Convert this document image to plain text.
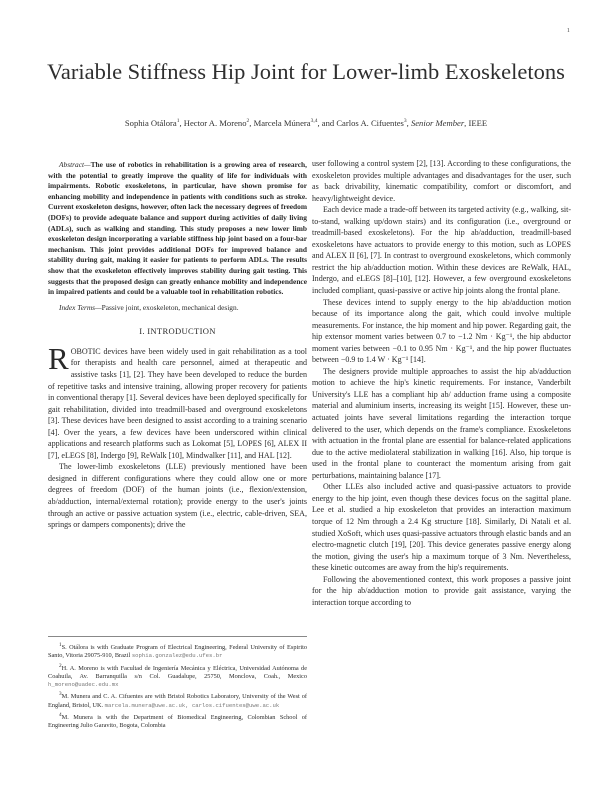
1
Variable Stiffness Hip Joint for Lower-limb Exoskeletons
Sophia Otálora$^1$, Hector A. Moreno$^2$, Marcela Múnera$^{3,4}$, and Carlos A. Cifuentes$^3$, Senior Member, IEEE

Abstract—The use of robotics in rehabilitation is a growing area of research, with the potential to greatly improve the quality of life for individuals with impairments. Robotic exoskeletons, in particular, have shown promise for enhancing mobility and independence in patients with conditions such as stroke. Current exoskeleton designs, however, often lack the necessary degrees of freedom (DOFs) to provide adequate balance and support during activities of daily living (ADLs), such as walking and standing. This study proposes a new lower limb exoskeleton design incorporating a variable stiffness hip joint based on a four-bar mechanism. This joint provides additional DOFs for improved balance and stability during gait, making it easier for patients to perform ADLs. The results show that the exoskeleton effectively improves stability during gait testing. This suggests that the proposed design can greatly enhance mobility and independence in impaired patients and could be a valuable tool in rehabilitation robotics.

Index Terms—Passive joint, exoskeleton, mechanical design.

I. INTRODUCTION

ROBOTIC devices have been widely used in gait rehabilitation as a tool for therapists and health care personnel, aimed at therapeutic and assistive tasks [1], [2]. They have been developed to reduce the burden of repetitive tasks and intensive training, allowing proper recovery for patients in conventional therapy [1]. Several devices have been deployed specifically for gait rehabilitation, divided into treadmill-based and overground exoskeletons [3]. These devices have been designed to assist according to a training scenario [4]. Over the years, a few devices have been underscored within clinical applications and research platforms such as Lokomat [5], LOPES [6], ALEX II [7], eLEGS [8], Indergo [9], ReWalk [10], Mindwalker [11], and HAL [12].

The lower-limb exoskeletons (LLE) previously mentioned have been designed in different configurations where they could allow one or more degrees of freedom (DOF) of the human joints (i.e., flexion/extension, ab/adduction, internal/external rotation); provide energy to the user's joints through an active or passive actuation system (i.e., electric, cable-driven, SEA, springs or dampers components); drive the

$^1$S. Otálora is with Graduate Program of Electrical Engineering, Federal University of Espirito Santo, Vitoria 29075-910, Brazil sophia.gonzalez@edu.ufes.br

$^2$H. A. Moreno is with Facultad de Ingeniería Mecánica y Eléctrica, Universidad Autónoma de Coahuila, Av. Barranquilla s/n Col. Guadalupe, 25750, Monclova, Coah., Mexico h_moreno@uadec.edu.mx

$^3$M. Munera and C. A. Cifuentes are with Bristol Robotics Laboratory, University of the West of England, Bristol, UK. marcela.munera@uwe.ac.uk, carlos.cifuentes@uwe.ac.uk

$^4$M. Munera is with the Department of Biomedical Engineering, Colombian School of Engineering Julio Garavito, Bogota, Colombia

user following a control system [2], [13]. According to these configurations, the exoskeleton provides multiple advantages and disadvantages for the user, such as back drivability, kinematic compatibility, comfort or discomfort, and heavy/lightweight device.

Each device made a trade-off between its targeted activity (e.g., walking, sit-to-stand, walking up/down stairs) and its configuration (i.e., overground or treadmill-based exoskeletons). For the hip ab/adduction, treadmill-based exoskeletons have actuators to provide energy to this motion, such as LOPES and ALEX II [6], [7]. In contrast to overground exoskeletons, which commonly restrict the hip ab/adduction motion. Within these devices are ReWalk, HAL, Indergo, and eLEGS [8]–[10], [12]. However, a few overground exoskeletons included compliant, quasi-passive or active hip joints along the frontal plane.

These devices intend to supply energy to the hip ab/adduction motion because of its importance along the gait, which could involve multiple measurements. For instance, the hip moment and hip power. Regarding gait, the hip extensor moment varies between 0.7 to −1.2 Nm · Kg⁻¹, the hip abductor moment varies between −0.1 to 0.95 Nm · Kg⁻¹, and the hip power fluctuates between −0.9 to 1.4 W · Kg⁻¹ [14].

The designers provide multiple approaches to assist the hip ab/adduction motion to achieve the hip's kinetic requirements. For instance, Vanderbilt University's LLE has a compliant hip ab/ adduction frame using a composite material and aluminium inserts, increasing its weight [15]. However, these un-actuated joints have several limitations regarding the interaction torque delivered to the user, which depends on the frame's compliance. Exoskeletons with actuation in the frontal plane are essential for balance-related applications due to the active mediolateral stabilization in walking [16]. Also, hip torque is used in the frontal plane to counteract the momentum arising from gait perturbations, maintaining balance [17].

Other LLEs also included active and quasi-passive actuators to provide energy to the hip joint, even though these devices focus on the sagittal plane. Lee et al. studied a hip exoskeleton that provides an interaction maximum torque of 12 Nm through a 2.4 Kg structure [18]. Similarly, Di Natali et al. studied XoSoft, which uses quasi-passive actuators through elastic bands and an electro-magnetic clutch [19], [20]. This device generates passive energy along the motion, giving the user's hip a maximum torque of 3 Nm. Nevertheless, these kinetic outcomes are away from the hip's requirements.

Following the abovementioned context, this work proposes a passive joint for the hip ab/adduction motion to provide gait assistance, varying the interaction torque according to
